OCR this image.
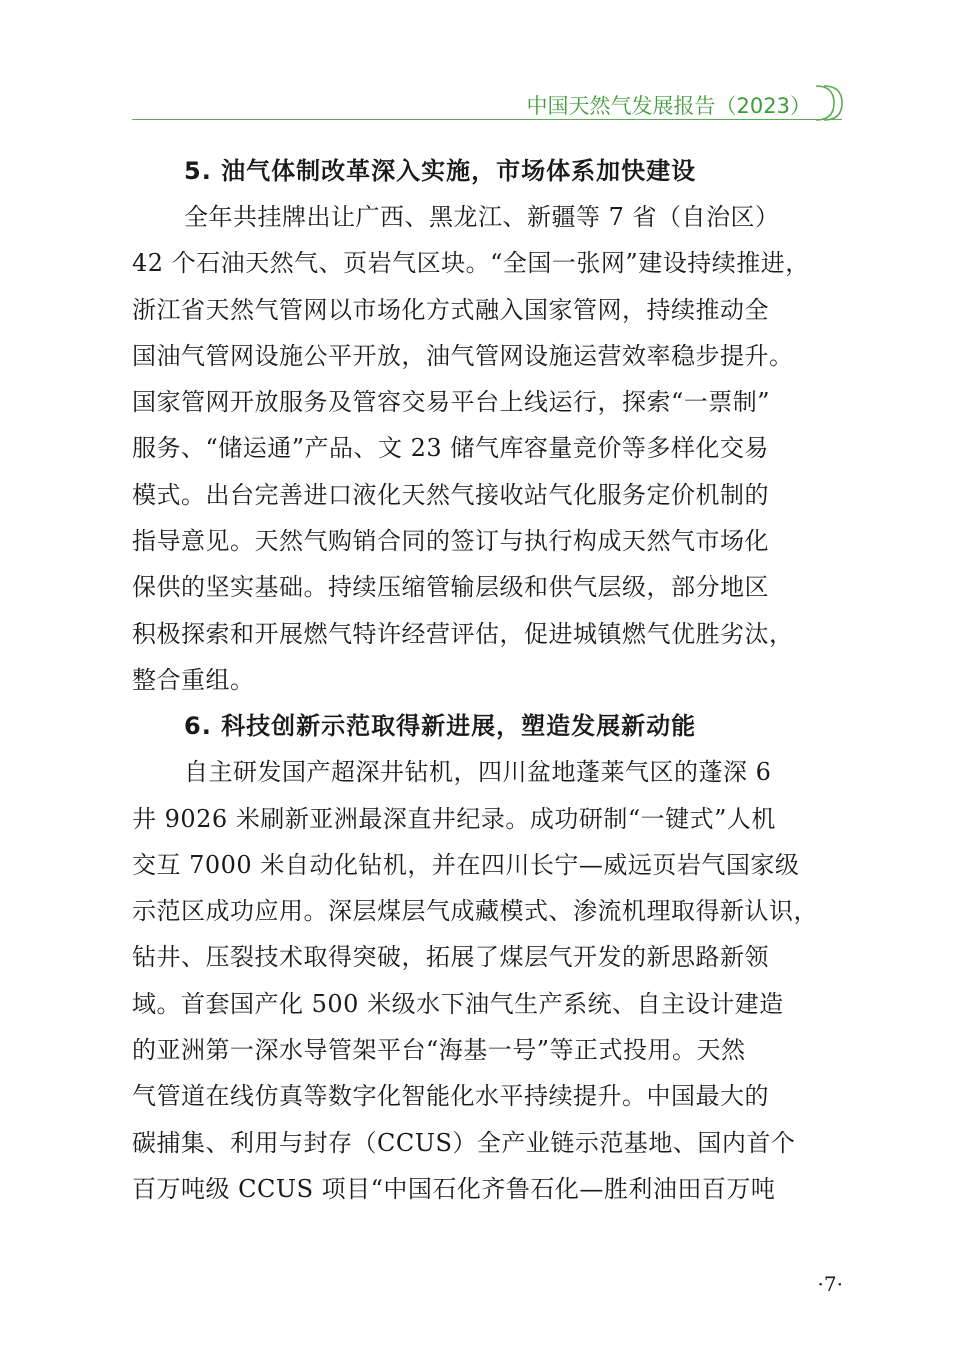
中国天然气发展报告（2023）
5. 油气体制改革深入实施，市场体系加快建设
全年共挂牌出让广西、黑龙江、新疆等 7 省（自治区）
42 个石油天然气、页岩气区块。“全国一张网”建设持续推进，
浙江省天然气管网以市场化方式融入国家管网，持续推动全
国油气管网设施公平开放，油气管网设施运营效率稳步提升。
国家管网开放服务及管容交易平台上线运行，探索“一票制”
服务、“储运通”产品、文 23 储气库容量竞价等多样化交易
模式。出台完善进口液化天然气接收站气化服务定价机制的
指导意见。天然气购销合同的签订与执行构成天然气市场化
保供的坚实基础。持续压缩管输层级和供气层级，部分地区
积极探索和开展燃气特许经营评估，促进城镇燃气优胜劣汰，
整合重组。
6. 科技创新示范取得新进展，塑造发展新动能
自主研发国产超深井钻机，四川盆地蓬莱气区的蓬深 6
井 9026 米刷新亚洲最深直井纪录。成功研制“一键式”人机
交互 7000 米自动化钻机，并在四川长宁—威远页岩气国家级
示范区成功应用。深层煤层气成藏模式、渗流机理取得新认识，
钻井、压裂技术取得突破，拓展了煤层气开发的新思路新领
域。首套国产化 500 米级水下油气生产系统、自主设计建造
的亚洲第一深水导管架平台“海基一号”等正式投用。天然
气管道在线仿真等数字化智能化水平持续提升。中国最大的
碳捕集、利用与封存（CCUS）全产业链示范基地、国内首个
百万吨级 CCUS 项目“中国石化齐鲁石化—胜利油田百万吨
·7·
